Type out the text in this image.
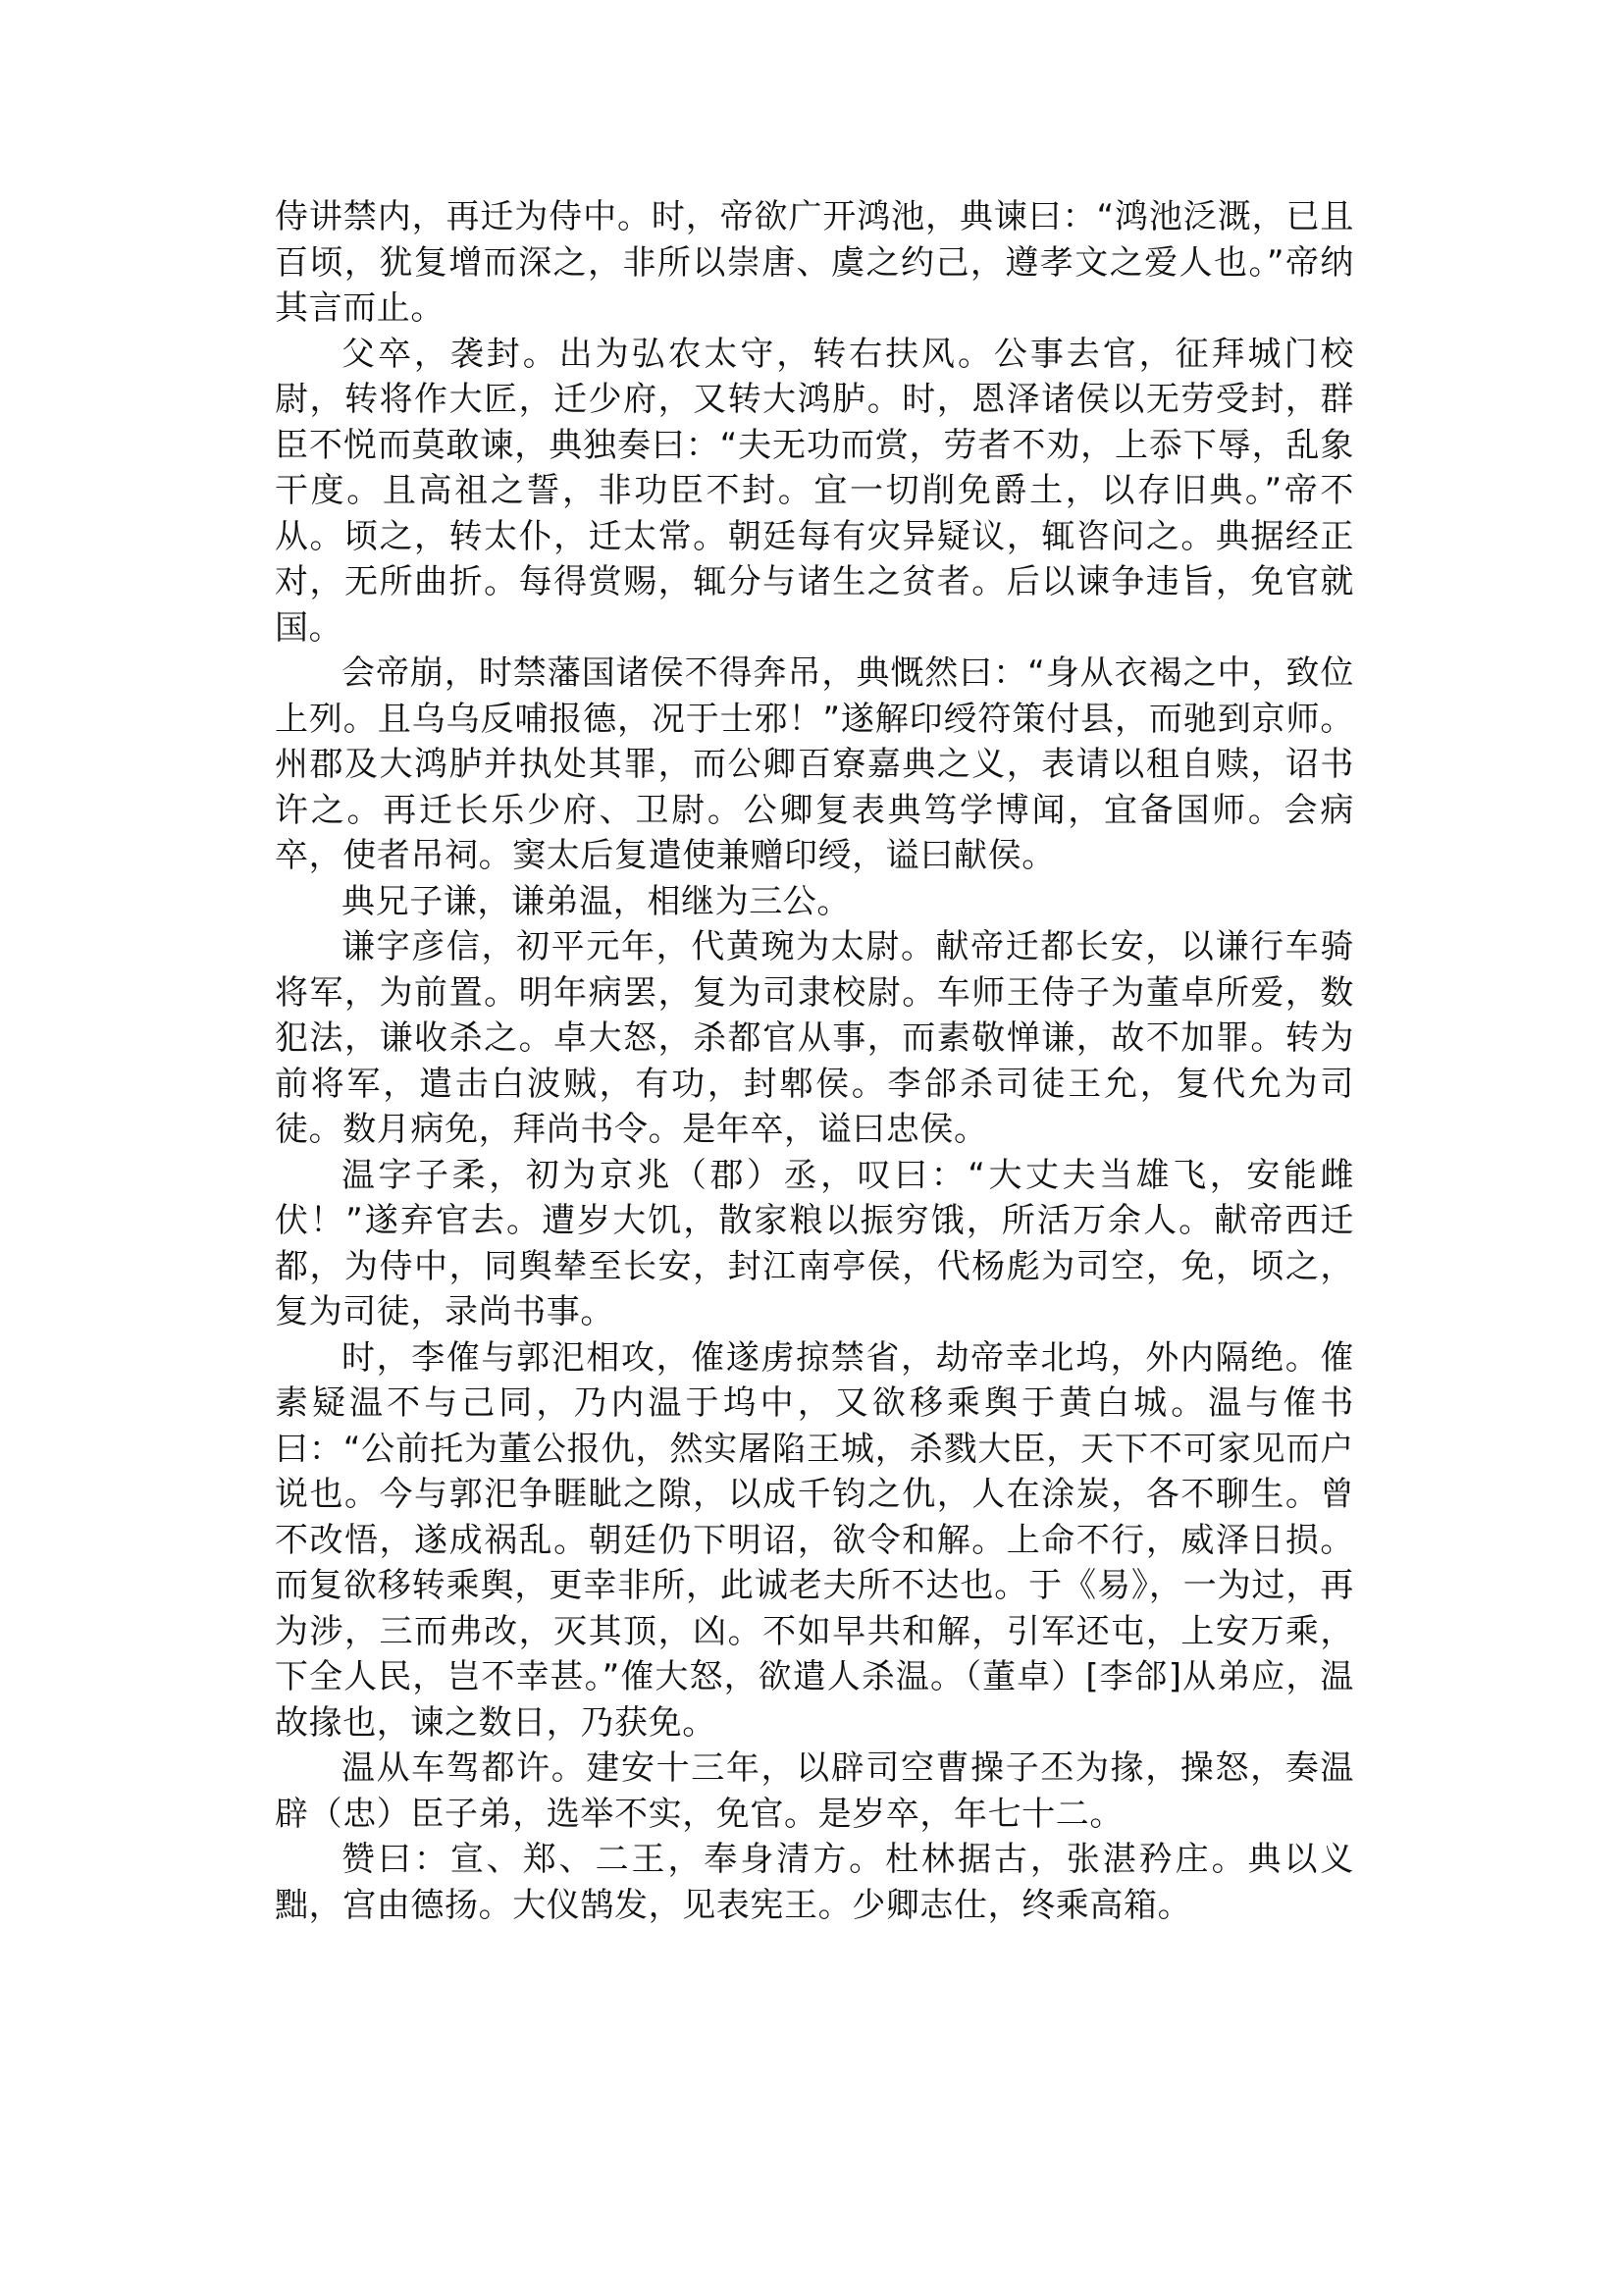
侍讲禁内，再迁为侍中。时，帝欲广开鸿池，典谏曰：“鸿池泛溉，已且百顷，犹复增而深之，非所以崇唐、虞之约己，遵孝文之爱人也。”帝纳其言而止。

父卒，袭封。出为弘农太守，转右扶风。公事去官，征拜城门校尉，转将作大匠，迁少府，又转大鸿胪。时，恩泽诸侯以无劳受封，群臣不悦而莫敢谏，典独奏曰：“夫无功而赏，劳者不劝，上忝下辱，乱象干度。且高祖之誓，非功臣不封。宜一切削免爵土，以存旧典。”帝不从。顷之，转太仆，迁太常。朝廷每有灾异疑议，辄咨问之。典据经正对，无所曲折。每得赏赐，辄分与诸生之贫者。后以谏争违旨，免官就国。

会帝崩，时禁藩国诸侯不得奔吊，典慨然曰：“身从衣褐之中，致位上列。且乌乌反哺报德，况于士邪！”遂解印绶符策付县，而驰到京师。州郡及大鸿胪并执处其罪，而公卿百寮嘉典之义，表请以租自赎，诏书许之。再迁长乐少府、卫尉。公卿复表典笃学博闻，宜备国师。会病卒，使者吊祠。窦太后复遣使兼赠印绶，谥曰献侯。

典兄子谦，谦弟温，相继为三公。

谦字彦信，初平元年，代黄琬为太尉。献帝迁都长安，以谦行车骑将军，为前置。明年病罢，复为司隶校尉。车师王侍子为董卓所爱，数犯法，谦收杀之。卓大怒，杀都官从事，而素敬惮谦，故不加罪。转为前将军，遣击白波贼，有功，封郫侯。李郃杀司徒王允，复代允为司徒。数月病免，拜尚书令。是年卒，谥曰忠侯。

温字子柔，初为京兆（郡）丞，叹曰：“大丈夫当雄飞，安能雌伏！”遂弃官去。遭岁大饥，散家粮以振穷饿，所活万余人。献帝西迁都，为侍中，同舆辇至长安，封江南亭侯，代杨彪为司空，免，顷之，复为司徒，录尚书事。

时，李傕与郭汜相攻，傕遂虏掠禁省，劫帝幸北坞，外内隔绝。傕素疑温不与己同，乃内温于坞中，又欲移乘舆于黄白城。温与傕书曰：“公前托为董公报仇，然实屠陷王城，杀戮大臣，天下不可家见而户说也。今与郭汜争睚眦之隙，以成千钧之仇，人在涂炭，各不聊生。曾不改悟，遂成祸乱。朝廷仍下明诏，欲令和解。上命不行，威泽日损。而复欲移转乘舆，更幸非所，此诚老夫所不达也。于《易》，一为过，再为涉，三而弗改，灭其顶，凶。不如早共和解，引军还屯，上安万乘，下全人民，岂不幸甚。”傕大怒，欲遣人杀温。（董卓）[李郃]从弟应，温故掾也，谏之数日，乃获免。

温从车驾都许。建安十三年，以辟司空曹操子丕为掾，操怒，奏温辟（忠）臣子弟，选举不实，免官。是岁卒，年七十二。

赞曰：宣、郑、二王，奉身清方。杜林据古，张湛矜庄。典以义黜，宫由德扬。大仪鹄发，见表宪王。少卿志仕，终乘高箱。
